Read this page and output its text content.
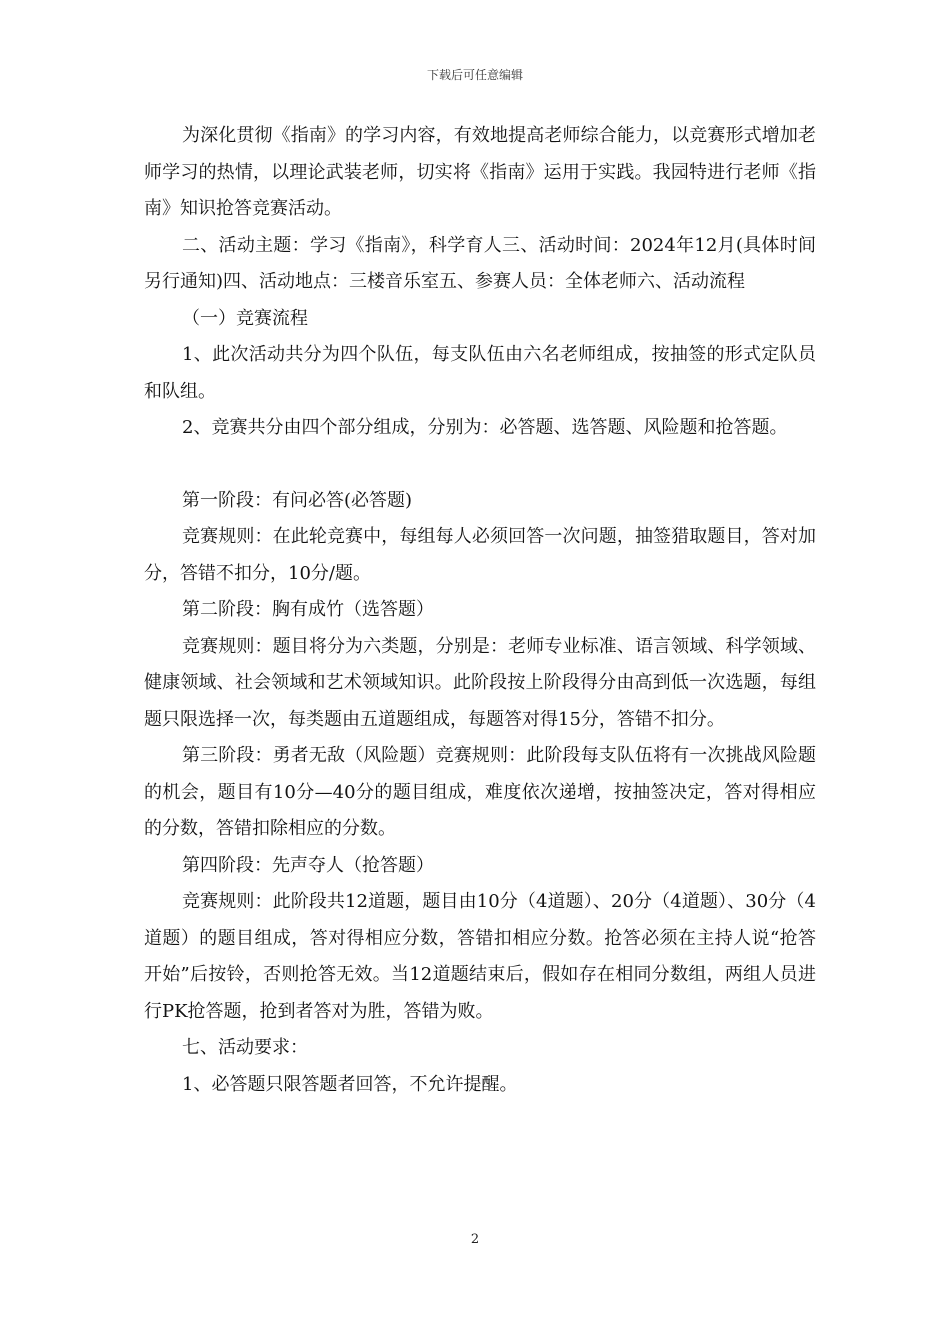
下载后可任意编辑

为深化贯彻《指南》的学习内容，有效地提高老师综合能力，以竞赛形式增加老师学习的热情，以理论武装老师，切实将《指南》运用于实践。我园特进行老师《指南》知识抢答竞赛活动。

二、活动主题：学习《指南》，科学育人三、活动时间：2024年12月(具体时间另行通知)四、活动地点：三楼音乐室五、参赛人员：全体老师六、活动流程

（一）竞赛流程

1、此次活动共分为四个队伍，每支队伍由六名老师组成，按抽签的形式定队员和队组。

2、竞赛共分由四个部分组成，分别为：必答题、选答题、风险题和抢答题。

第一阶段：有问必答(必答题)

竞赛规则：在此轮竞赛中，每组每人必须回答一次问题，抽签猎取题目，答对加分，答错不扣分，10分/题。

第二阶段：胸有成竹（选答题）

竞赛规则：题目将分为六类题，分别是：老师专业标准、语言领域、科学领域、健康领域、社会领域和艺术领域知识。此阶段按上阶段得分由高到低一次选题，每组题只限选择一次，每类题由五道题组成，每题答对得15分，答错不扣分。

第三阶段：勇者无敌（风险题）竞赛规则：此阶段每支队伍将有一次挑战风险题的机会，题目有10分—40分的题目组成，难度依次递增，按抽签决定，答对得相应的分数，答错扣除相应的分数。

第四阶段：先声夺人（抢答题）

竞赛规则：此阶段共12道题，题目由10分（4道题）、20分（4道题）、30分（4道题）的题目组成，答对得相应分数，答错扣相应分数。抢答必须在主持人说“抢答开始”后按铃，否则抢答无效。当12道题结束后，假如存在相同分数组，两组人员进行PK抢答题，抢到者答对为胜，答错为败。

七、活动要求：

1、必答题只限答题者回答，不允许提醒。

2
